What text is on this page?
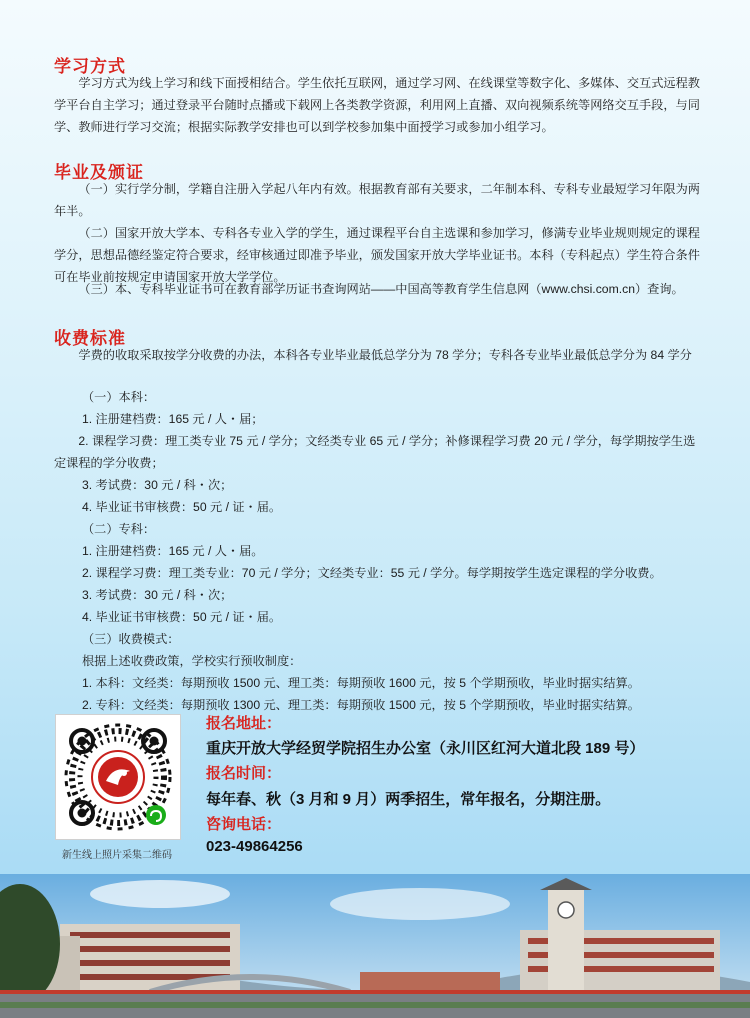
学习方式

学习方式为线上学习和线下面授相结合。学生依托互联网，通过学习网、在线课堂等数字化、多媒体、交互式远程教学平台自主学习；通过登录平台随时点播或下载网上各类教学资源，利用网上直播、双向视频系统等网络交互手段，与同学、教师进行学习交流；根据实际教学安排也可以到学校参加集中面授学习或参加小组学习。

毕业及颁证

（一）实行学分制，学籍自注册入学起八年内有效。根据教育部有关要求，二年制本科、专科专业最短学习年限为两年半。

（二）国家开放大学本、专科各专业入学的学生，通过课程平台自主选课和参加学习，修满专业毕业规则规定的课程学分，思想品德经鉴定符合要求，经审核通过即准予毕业，颁发国家开放大学毕业证书。本科（专科起点）学生符合条件可在毕业前按规定申请国家开放大学学位。

（三）本、专科毕业证书可在教育部学历证书查询网站——中国高等教育学生信息网（www.chsi.com.cn）查询。

收费标准

学费的收取采取按学分收费的办法，本科各专业毕业最低总学分为 78 学分；专科各专业毕业最低总学分为 84 学分

（一）本科：
1. 注册建档费：165 元 / 人・届；

2. 课程学习费：理工类专业 75 元 / 学分；文经类专业 65 元 / 学分；补修课程学习费 20 元 / 学分，每学期按学生选定课程的学分收费；

3. 考试费：30 元 / 科・次；
4. 毕业证书审核费：50 元 / 证・届。
（二）专科：
1. 注册建档费：165 元 / 人・届。
2. 课程学习费：理工类专业：70 元 / 学分；文经类专业：55 元 / 学分。每学期按学生选定课程的学分收费。
3. 考试费：30 元 / 科・次；
4. 毕业证书审核费：50 元 / 证・届。
（三）收费模式：
根据上述收费政策，学校实行预收制度：
1. 本科：文经类：每期预收 1500 元、理工类：每期预收 1600 元，按 5 个学期预收，毕业时据实结算。
2. 专科：文经类：每期预收 1300 元、理工类：每期预收 1500 元，按 5 个学期预收，毕业时据实结算。
新生线上照片采集二维码
报名地址：
重庆开放大学经贸学院招生办公室（永川区红河大道北段 189 号）
报名时间：
每年春、秋（3 月和 9 月）两季招生，常年报名，分期注册。
咨询电话：
023-49864256
